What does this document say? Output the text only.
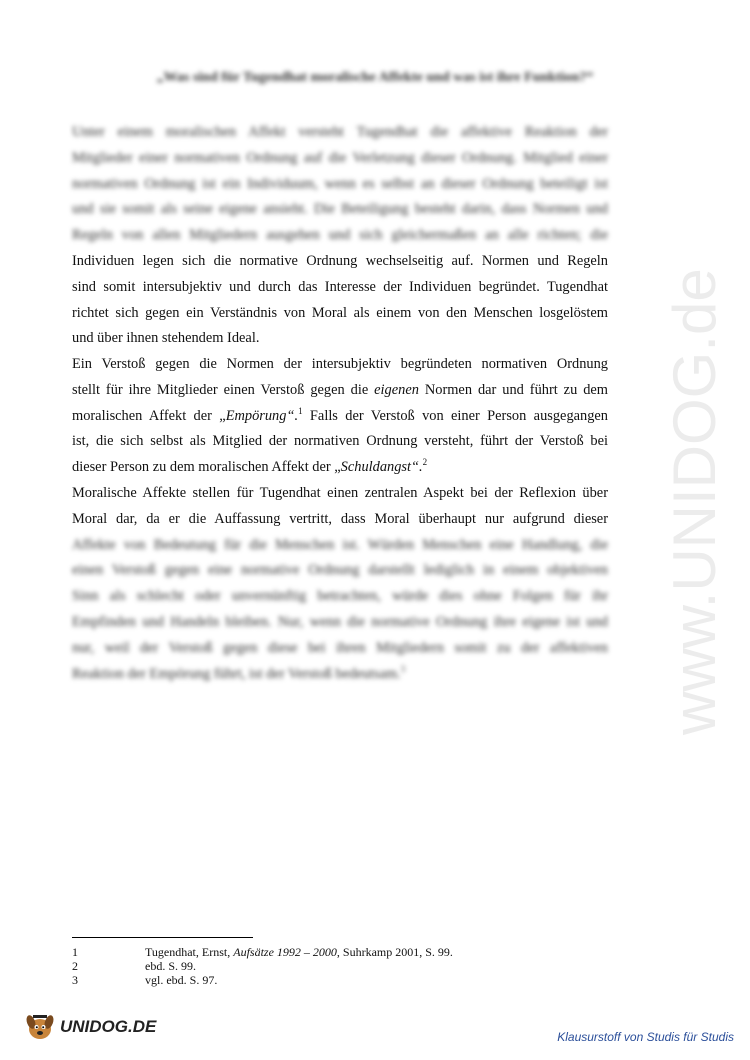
www.UNIDOG.de
„Was sind für Tugendhat moralische Affekte und was ist ihre Funktion?“
Unter einem moralischen Affekt versteht Tugendhat die affektive Reaktion der
Mitglieder einer normativen Ordnung auf die Verletzung dieser Ordnung. Mitglied einer
normativen Ordnung ist ein Individuum, wenn es selbst an dieser Ordnung beteiligt ist
und sie somit als seine eigene ansieht. Die Beteiligung besteht darin, dass Normen und
Regeln von allen Mitgliedern ausgehen und sich gleichermaßen an alle richten; die
Individuen legen sich die normative Ordnung wechselseitig auf. Normen und Regeln
sind somit intersubjektiv und durch das Interesse der Individuen begründet. Tugendhat
richtet sich gegen ein Verständnis von Moral als einem von den Menschen losgelöstem
und über ihnen stehendem Ideal.
Ein Verstoß gegen die Normen der intersubjektiv begründeten normativen Ordnung
stellt für ihre Mitglieder einen Verstoß gegen die eigenen Normen dar und führt zu dem
moralischen Affekt der „Empörung“.$^1$ Falls der Verstoß von einer Person ausgegangen
ist, die sich selbst als Mitglied der normativen Ordnung versteht, führt der Verstoß bei
dieser Person zu dem moralischen Affekt der „Schuldangst“.$^2$
Moralische Affekte stellen für Tugendhat einen zentralen Aspekt bei der Reflexion über
Moral dar, da er die Auffassung vertritt, dass Moral überhaupt nur aufgrund dieser
Affekte von Bedeutung für die Menschen ist. Würden Menschen eine Handlung, die
einen Verstoß gegen eine normative Ordnung darstellt lediglich in einem objektiven
Sinn als schlecht oder unvernünftig betrachten, würde dies ohne Folgen für ihr
Empfinden und Handeln bleiben. Nur, wenn die normative Ordnung ihre eigene ist und
nur, weil der Verstoß gegen diese bei ihren Mitgliedern somit zu der affektiven
Reaktion der Empörung führt, ist der Verstoß bedeutsam.$^3$
1	Tugendhat, Ernst, Aufsätze 1992 – 2000, Suhrkamp 2001, S. 99.
2	ebd. S. 99.
3	vgl. ebd. S. 97.
UNIDOG.DE
Klausurstoff von Studis für Studis
